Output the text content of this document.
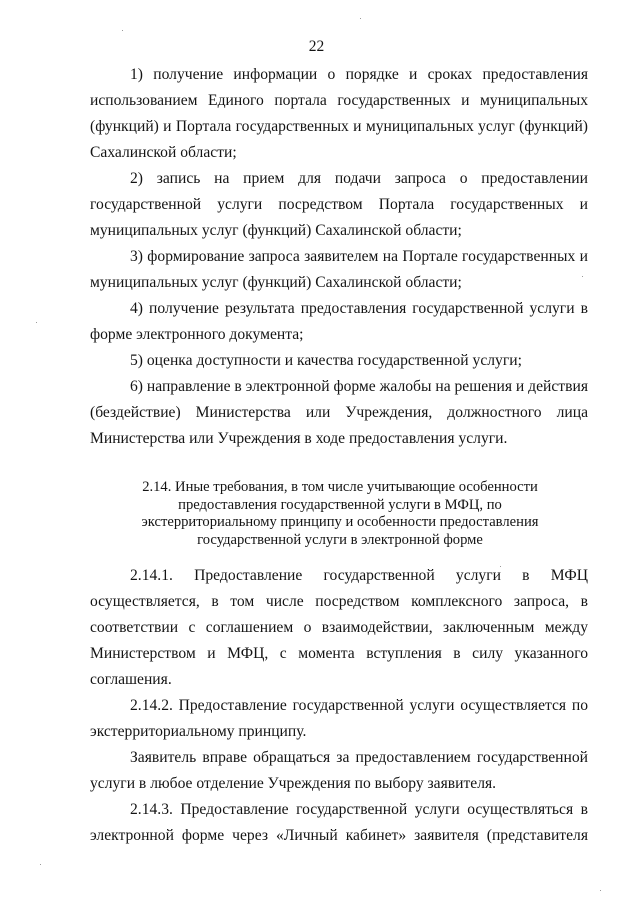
22
1) получение информации о порядке и сроках предоставления
использованием Единого портала государственных и муниципальных
(функций) и Портала государственных и муниципальных услуг (функций)
Сахалинской области;
2) запись на прием для подачи запроса о предоставлении
государственной услуги посредством Портала государственных и
муниципальных услуг (функций) Сахалинской области;
3) формирование запроса заявителем на Портале государственных и
муниципальных услуг (функций) Сахалинской области;
4) получение результата предоставления государственной услуги в
форме электронного документа;
5) оценка доступности и качества государственной услуги;
6) направление в электронной форме жалобы на решения и действия
(бездействие) Министерства или Учреждения, должностного лица
Министерства или Учреждения в ходе предоставления услуги.
2.14. Иные требования, в том числе учитывающие особенности
предоставления государственной услуги в МФЦ, по
экстерриториальному принципу и особенности предоставления
государственной услуги в электронной форме
2.14.1. Предоставление государственной услуги в МФЦ
осуществляется, в том числе посредством комплексного запроса, в
соответствии с соглашением о взаимодействии, заключенным между
Министерством и МФЦ, с момента вступления в силу указанного
соглашения.
2.14.2. Предоставление государственной услуги осуществляется по
экстерриториальному принципу.
Заявитель вправе обращаться за предоставлением государственной
услуги в любое отделение Учреждения по выбору заявителя.
2.14.3. Предоставление государственной услуги осуществляться в
электронной форме через «Личный кабинет» заявителя (представителя
